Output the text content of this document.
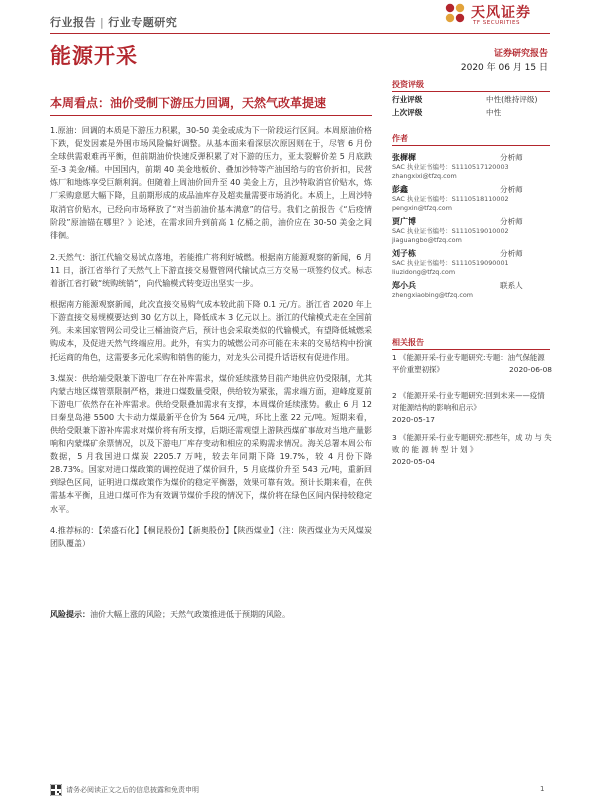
行业报告 | 行业专题研究
天风证券
TF SECURITIES
能源开采	证券研究报告
2020 年 06 月 15 日
本周看点：油价受制下游压力回调，天然气改革提速

1.原油：回调的本质是下游压力积累，30-50 美金或成为下一阶段运行区间。本周原油价格下跌，促发因素是外围市场风险偏好调整。从基本面来看深层次原因则在于，尽管 6 月份全球供需艰难再平衡，但前期油价快速反弹积累了对下游的压力，亚太裂解价差 5 月底跌至-3 美金/桶。中国国内，前期 40 美金地板价、叠加沙特等产油国给与的官价折扣，民营炼厂和地炼享受巨额利润。但随着上周油价回升至 40 美金上方，且沙特取消官价贴水，炼厂采购意愿大幅下降，且前期形成的成品油库存及超卖量需要市场消化。本质上，上周沙特取消官价贴水，已经向市场释放了“对当前油价基本满意”的信号。我们之前报告《“后疫情阶段”原油锚在哪里？》论述，在需求回升到前高 1 亿桶之前，油价应在 30-50 美金之间徘徊。

2.天然气：浙江代输交易试点落地，若能推广将利好城燃。根据南方能源观察的新闻，6 月 11 日，浙江省举行了天然气上下游直接交易暨管网代输试点三方交易一项签约仪式。标志着浙江省打破“统购统销”，向代输模式转变迈出坚实一步。

根据南方能源观察新闻，此次直接交易购气成本较此前下降 0.1 元/方。浙江省 2020 年上下游直接交易规模要达到 30 亿方以上，降低成本 3 亿元以上。浙江的代输模式走在全国前列。未来国家管网公司受让三桶油资产后，预计也会采取类似的代输模式，有望降低城燃采购成本，及促进天然气终端应用。此外，有实力的城燃公司亦可能在未来的交易结构中扮演托运商的角色，这需要多元化采购和销售的能力，对龙头公司提升话语权有促进作用。

3.煤炭：供给端受限兼下游电厂存在补库需求，煤价延续涨势目前产地供应仍受限制，尤其内蒙古地区煤管票限制严格，兼进口煤数量受限，供给较为紧张，需求端方面，迎峰度夏前下游电厂依然存在补库需求。供给受限叠加需求有支撑，本周煤价延续涨势。截止 6 月 12 日秦皇岛港 5500 大卡动力煤最新平仓价为 564 元/吨，环比上涨 22 元/吨。短期来看，供给受限兼下游补库需求对煤价将有所支撑，后期还需观望上游陕西煤矿事故对当地产量影响和内蒙煤矿余票情况，以及下游电厂库存变动和相应的采购需求情况。海关总署本周公布数据，5 月我国进口煤炭 2205.7 万吨，较去年同期下降 19.7%，较 4 月份下降 28.73%。国家对进口煤政策的调控促进了煤价回升，5 月底煤价升至 543 元/吨，重新回到绿色区间，证明进口煤政策作为煤价的稳定平衡器，效果可靠有效。预计长期来看，在供需基本平衡，且进口煤可作为有效调节煤价手段的情况下，煤价将在绿色区间内保持较稳定水平。

4.推荐标的：【荣盛石化】【桐昆股份】【新奥股份】【陕西煤业】（注：陕西煤业为天风煤炭团队覆盖）

风险提示：油价大幅上涨的风险；天然气政策推进低于预期的风险。
投资评级
行业评级	中性(维持评级)
上次评级	中性
作者
张樨樨	分析师
SAC 执业证书编号：S1110517120003
zhangxixi@tfzq.com
彭鑫	分析师
SAC 执业证书编号：S1110518110002
pengxin@tfzq.com
贾广博	分析师
SAC 执业证书编号：S1110519010002
jiaguangbo@tfzq.com
刘子栋	分析师
SAC 执业证书编号：S1110519090001
liuzidong@tfzq.com
郑小兵	联系人
zhengxiaobing@tfzq.com
相关报告
1 《能源开采-行业专题研究:专题：油气保能源平价重塑初探》	2020-06-08
2 《能源开采-行业专题研究:回到未来——疫情对能源结构的影响和启示》
2020-05-17
3 《能源开采-行业专题研究:那些年，成 功 与 失 败 的 能 源 转 型 计 划 》
2020-05-04
请务必阅读正文之后的信息披露和免责申明	1
